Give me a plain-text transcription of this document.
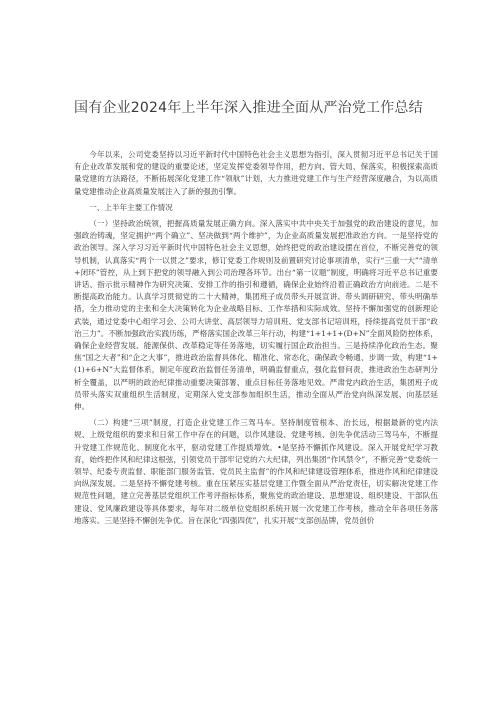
国有企业2024年上半年深入推进全面从严治党工作总结

今年以来，公司党委坚持以习近平新时代中国特色社会主义思想为指引，深入贯彻习近平总书记关于国有企业改革发展和党的建设的重要论述，坚定发挥党委领导作用，把方向、管大局、保落实，积极探索高质量党建的方法路径，不断拓展深化党建工作“领航”计划，大力推进党建工作与生产经营深度融合，为以高质量党建推动企业高质量发展注入了新的强劲引擎。

一、上半年主要工作情况

（一）坚持政治统领，把握高质量发展正确方向。深入落实中共中央关于加强党的政治建设的意见，加强政治铸魂，坚定拥护“两个确立”、坚决做到“两个维护”，为企业高质量发展把准政治方向。一是坚持党的政治领导。深入学习习近平新时代中国特色社会主义思想，始终把党的政治建设摆在首位，不断完善党的领导机制，认真落实“两个一以贯之”要求，修订党委工作规则及前置研究讨论事项清单，实行“三重一大”“清单+闭环”管控，从上到下把党的领导融入到公司治理各环节。出台“第一议题”制度，明确将习近平总书记重要讲话、指示批示精神作为研究决策、安排工作的指引和遵循，确保企业始终沿着正确政治方向前进。二是不断提高政治能力。认真学习贯彻党的二十大精神，集团班子成员带头开展宣讲、带头调研研究、带头明确举措，全力推动党的主张和全大决策转化为企业战略目标、工作举措和实际成效。坚持不懈加强党的创新理论武装，通过党委中心组学习会、公司大讲堂、高层领导力培训班、党支部书记培训班，持续提高党员干部“政治三力”。不断加强政治实践历练，严格落实国企改革三年行动，构建“1+1+1+(D+N”全面风险防控体系，确保企业经营发展、能源保供、改革稳定等任务落地，切实履行国企政治担当。三是持续净化政治生态。聚焦“国之大者”和“企之大事”，推进政治监督具体化、精准化、常态化，确保政令畅通、步调一致，构建“1+(1)+6+N”大监督体系，制定年度政治监督任务清单，明确监督重点，强化监督问责，推进政治生态研判分析全覆盖，以严明的政治纪律推动重要决策部署、重点目标任务落地见效。严肃党内政治生活，集团班子成员带头落实双重组织生活制度，定期深入党支部参加组织生活，推动全面从严治党向纵深发展、向基层延伸。

（二）构建“三项”制度，打造企业党建工作三驾马车。坚持制度管根本、治长远，根据最新的党内法规、上级党组织的要求和日常工作中存在的问题，以作风建设、党建考核、创先争优活动三驾马车，不断提升党建工作规范化、制度化水平，驱动党建工作提质增效。•是坚持不懈抓作风建设。深入开展党纪学习教育，始终把作风和纪律这根弦，引领党员干部牢记党的六大纪律，列出集团“作风禁令”，不断完善“党委统一领导、纪委专责监督、职能部门服务监管、党员民主监督”的作风和纪律建设管理体系，推进作风和纪律建设向纵深发展。二是坚持不懈党建考核。重在压紧压实基层党建工作暨全面从严治党责任，切实解决党建工作规范性问题，建立完善基层党组织工作考评指标体系，聚焦党的政治建设、思想建设、组织建设、干部队伍建设、党风廉政建设等具体要求，每年对二级单位党组织系统开展一次党建工作考核，推动全年各项任务落地落实。三是坚持不懈创先争优。旨在深化“四强四优”，扎实开展“支部创品牌，党员创价
